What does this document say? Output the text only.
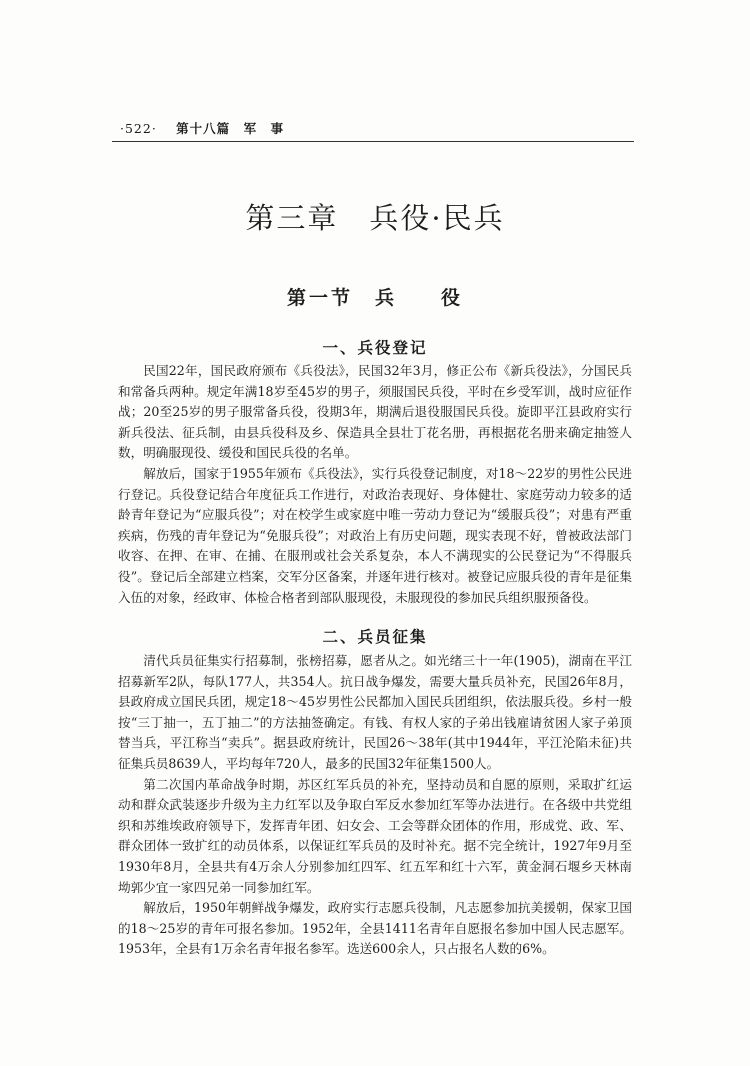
·522· 第十八篇　军　事
第三章　兵役·民兵
第一节　兵　　役
一、兵役登记

民国22年，国民政府颁布《兵役法》，民国32年3月，修正公布《新兵役法》，分国民兵和常备兵两种。规定年满18岁至45岁的男子，须服国民兵役，平时在乡受军训，战时应征作战；20至25岁的男子服常备兵役，役期3年，期满后退役服国民兵役。旋即平江县政府实行新兵役法、征兵制，由县兵役科及乡、保造具全县壮丁花名册，再根据花名册来确定抽签人数，明确服现役、缓役和国民兵役的名单。

解放后，国家于1955年颁布《兵役法》，实行兵役登记制度，对18～22岁的男性公民进行登记。兵役登记结合年度征兵工作进行，对政治表现好、身体健壮、家庭劳动力较多的适龄青年登记为“应服兵役”；对在校学生或家庭中唯一劳动力登记为“缓服兵役”；对患有严重疾病，伤残的青年登记为“免服兵役”；对政治上有历史问题，现实表现不好，曾被政法部门收容、在押、在审、在捕、在服刑或社会关系复杂，本人不满现实的公民登记为“不得服兵役”。登记后全部建立档案，交军分区备案，并逐年进行核对。被登记应服兵役的青年是征集入伍的对象，经政审、体检合格者到部队服现役，未服现役的参加民兵组织服预备役。

二、兵员征集

清代兵员征集实行招募制，张榜招募，愿者从之。如光绪三十一年(1905)，湖南在平江招募新军2队，每队177人，共354人。抗日战争爆发，需要大量兵员补充，民国26年8月，县政府成立国民兵团，规定18～45岁男性公民都加入国民兵团组织，依法服兵役。乡村一般按“三丁抽一，五丁抽二”的方法抽签确定。有钱、有权人家的子弟出钱雇请贫困人家子弟顶替当兵，平江称当“卖兵”。据县政府统计，民国26～38年(其中1944年，平江沦陷未征)共征集兵员8639人，平均每年720人，最多的民国32年征集1500人。

第二次国内革命战争时期，苏区红军兵员的补充，坚持动员和自愿的原则，采取扩红运动和群众武装逐步升级为主力红军以及争取白军反水参加红军等办法进行。在各级中共党组织和苏维埃政府领导下，发挥青年团、妇女会、工会等群众团体的作用，形成党、政、军、群众团体一致扩红的动员体系，以保证红军兵员的及时补充。据不完全统计，1927年9月至1930年8月，全县共有4万余人分别参加红四军、红五军和红十六军，黄金洞石堰乡天林南坳郭少宜一家四兄弟一同参加红军。

解放后，1950年朝鲜战争爆发，政府实行志愿兵役制，凡志愿参加抗美援朝，保家卫国的18～25岁的青年可报名参加。1952年，全县1411名青年自愿报名参加中国人民志愿军。1953年，全县有1万余名青年报名参军。选送600余人，只占报名人数的6%。
